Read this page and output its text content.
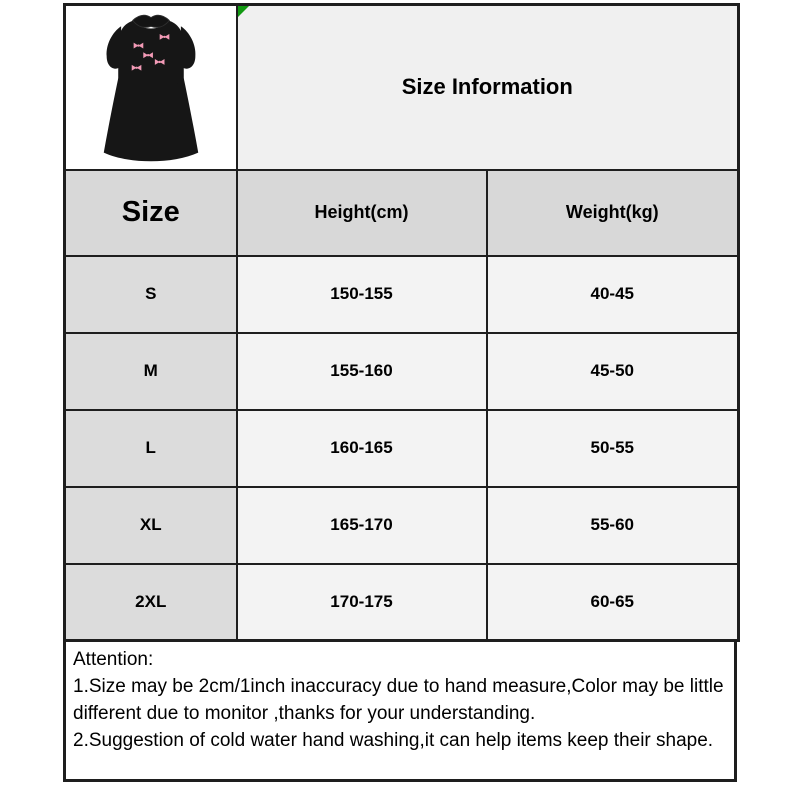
Size Information	
Size	Height(cm)	Weight(kg)
S	150-155	40-45
M	155-160	45-50
L	160-165	50-55
XL	165-170	55-60
2XL	170-175	60-65

Attention:

1.Size may be 2cm/1inch inaccuracy due to hand measure,Color may be little different due to monitor ,thanks for your understanding.

2.Suggestion of cold water hand washing,it can help items keep their shape.
